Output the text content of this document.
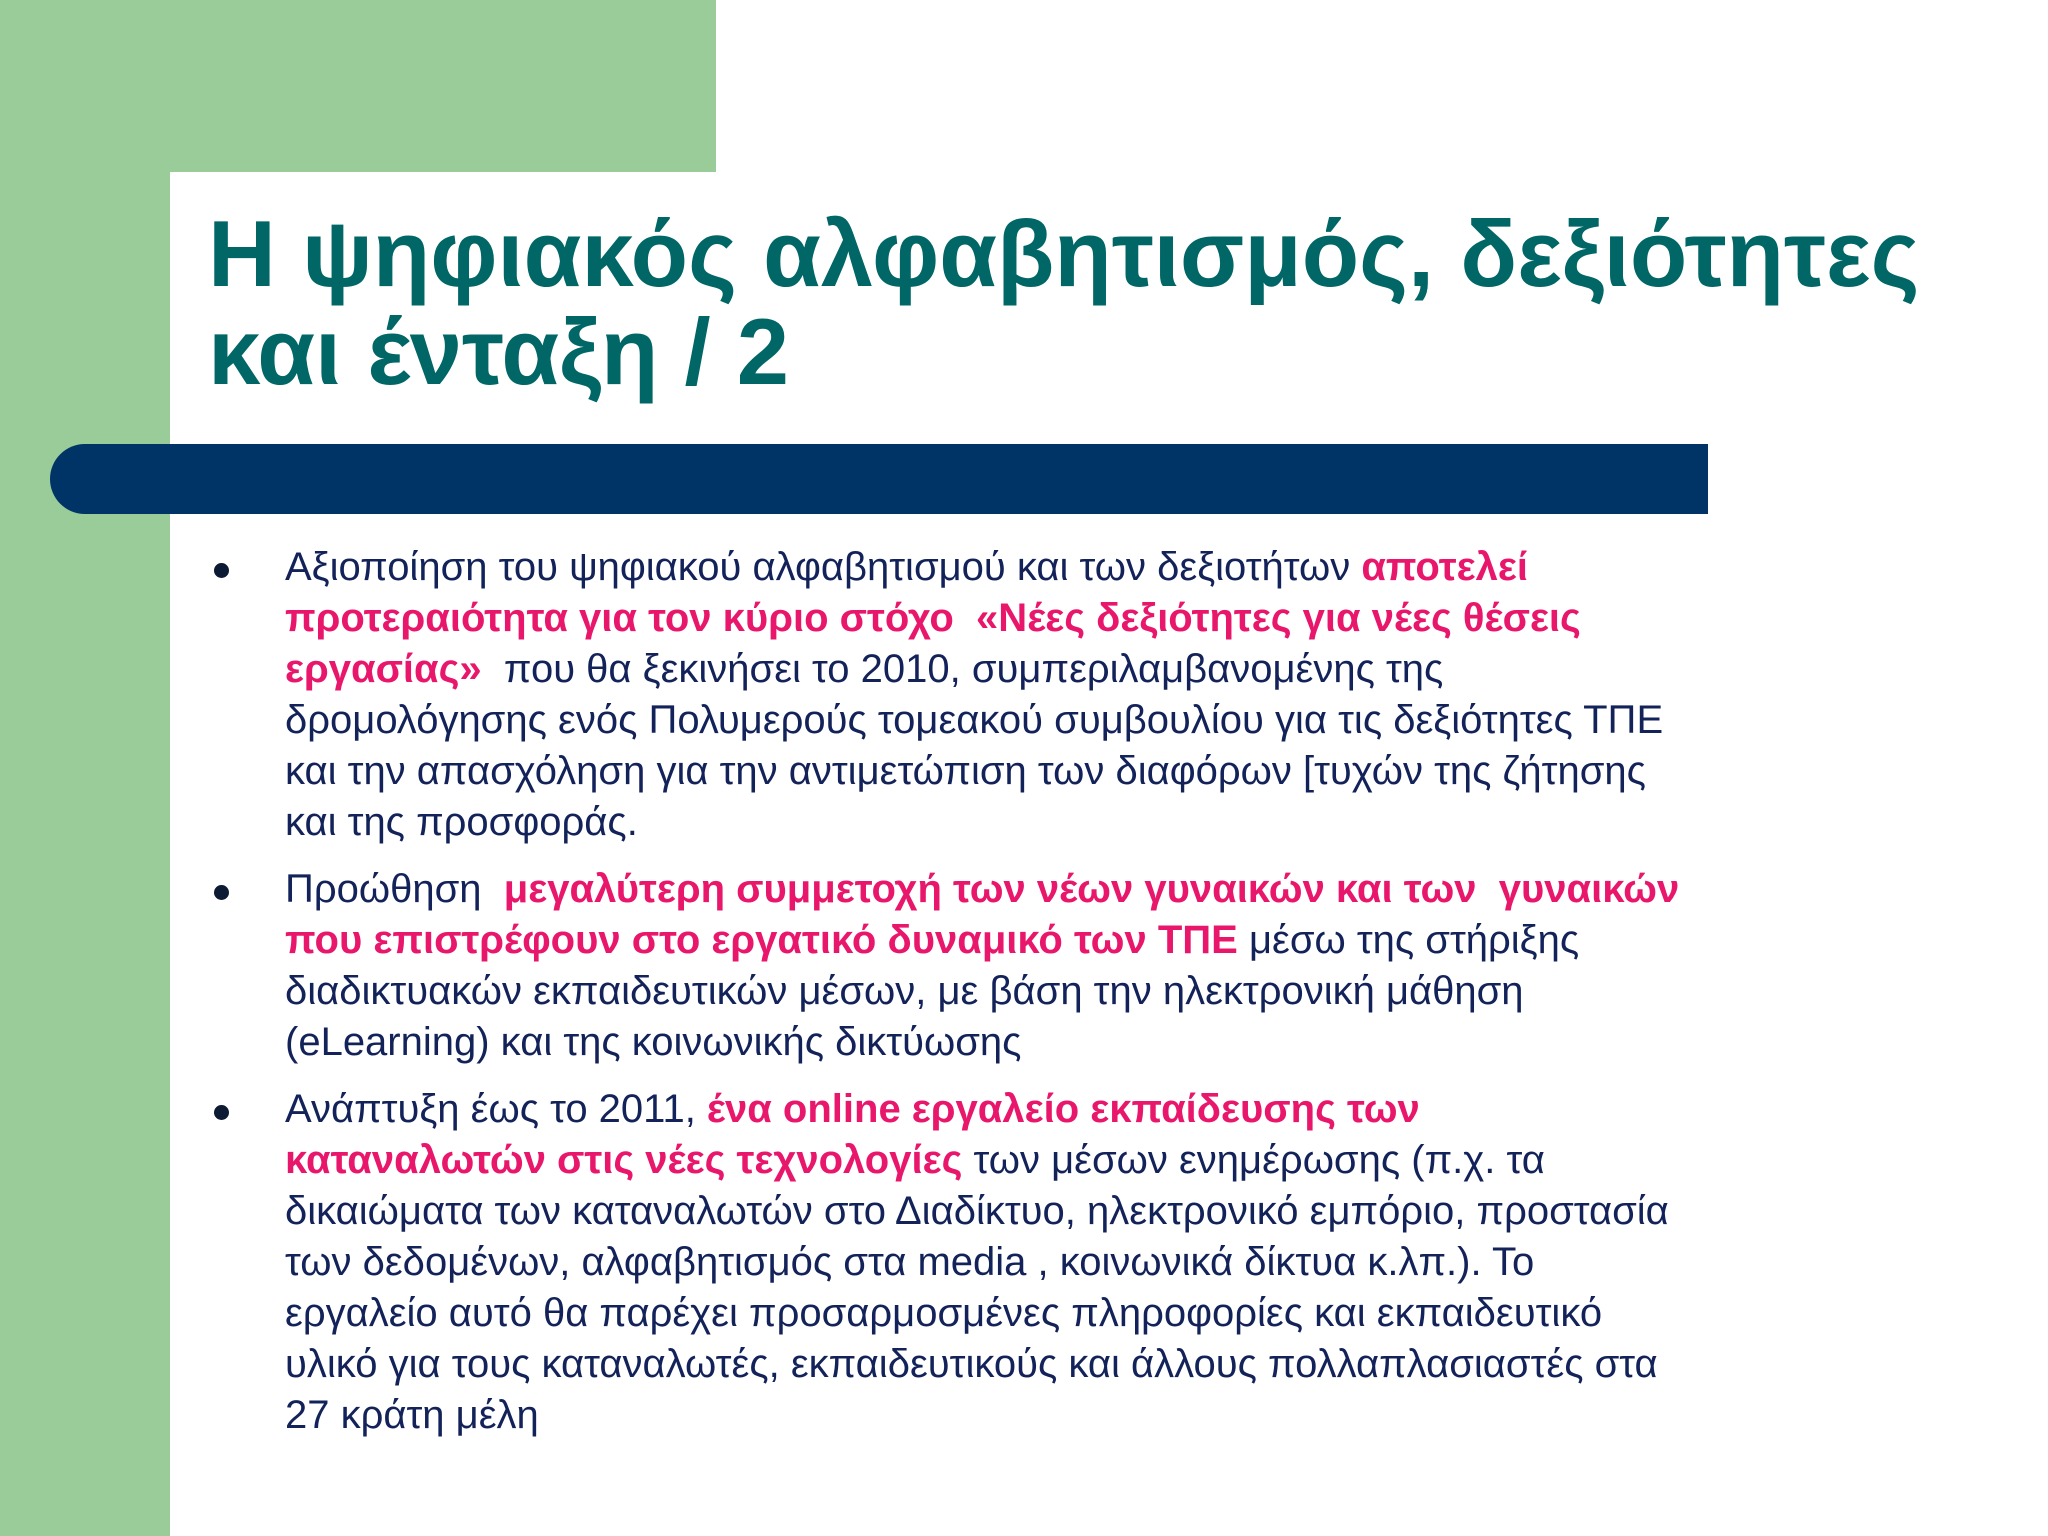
Η ψηφιακός αλφαβητισμός, δεξιότητες
και ένταξη / 2
Αξιοποίηση του ψηφιακού αλφαβητισμού και των δεξιοτήτων αποτελεί
προτεραιότητα για τον κύριο στόχο  «Νέες δεξιότητες για νέες θέσεις
εργασίας»  που θα ξεκινήσει το 2010, συμπεριλαμβανομένης της
δρομολόγησης ενός Πολυμερούς τομεακού συμβουλίου για τις δεξιότητες ΤΠΕ
και την απασχόληση για την αντιμετώπιση των διαφόρων [τυχών της ζήτησης
και της προσφοράς.
Προώθηση  μεγαλύτερη συμμετοχή των νέων γυναικών και των  γυναικών
που επιστρέφουν στο εργατικό δυναμικό των ΤΠΕ μέσω της στήριξης
διαδικτυακών εκπαιδευτικών μέσων, με βάση την ηλεκτρονική μάθηση
(eLearning) και της κοινωνικής δικτύωσης
Ανάπτυξη έως το 2011, ένα online εργαλείο εκπαίδευσης των
καταναλωτών στις νέες τεχνολογίες των μέσων ενημέρωσης (π.χ. τα
δικαιώματα των καταναλωτών στο Διαδίκτυο, ηλεκτρονικό εμπόριο, προστασία
των δεδομένων, αλφαβητισμός στα media , κοινωνικά δίκτυα κ.λπ.). Το
εργαλείο αυτό θα παρέχει προσαρμοσμένες πληροφορίες και εκπαιδευτικό
υλικό για τους καταναλωτές, εκπαιδευτικούς και άλλους πολλαπλασιαστές στα
27 κράτη μέλη
